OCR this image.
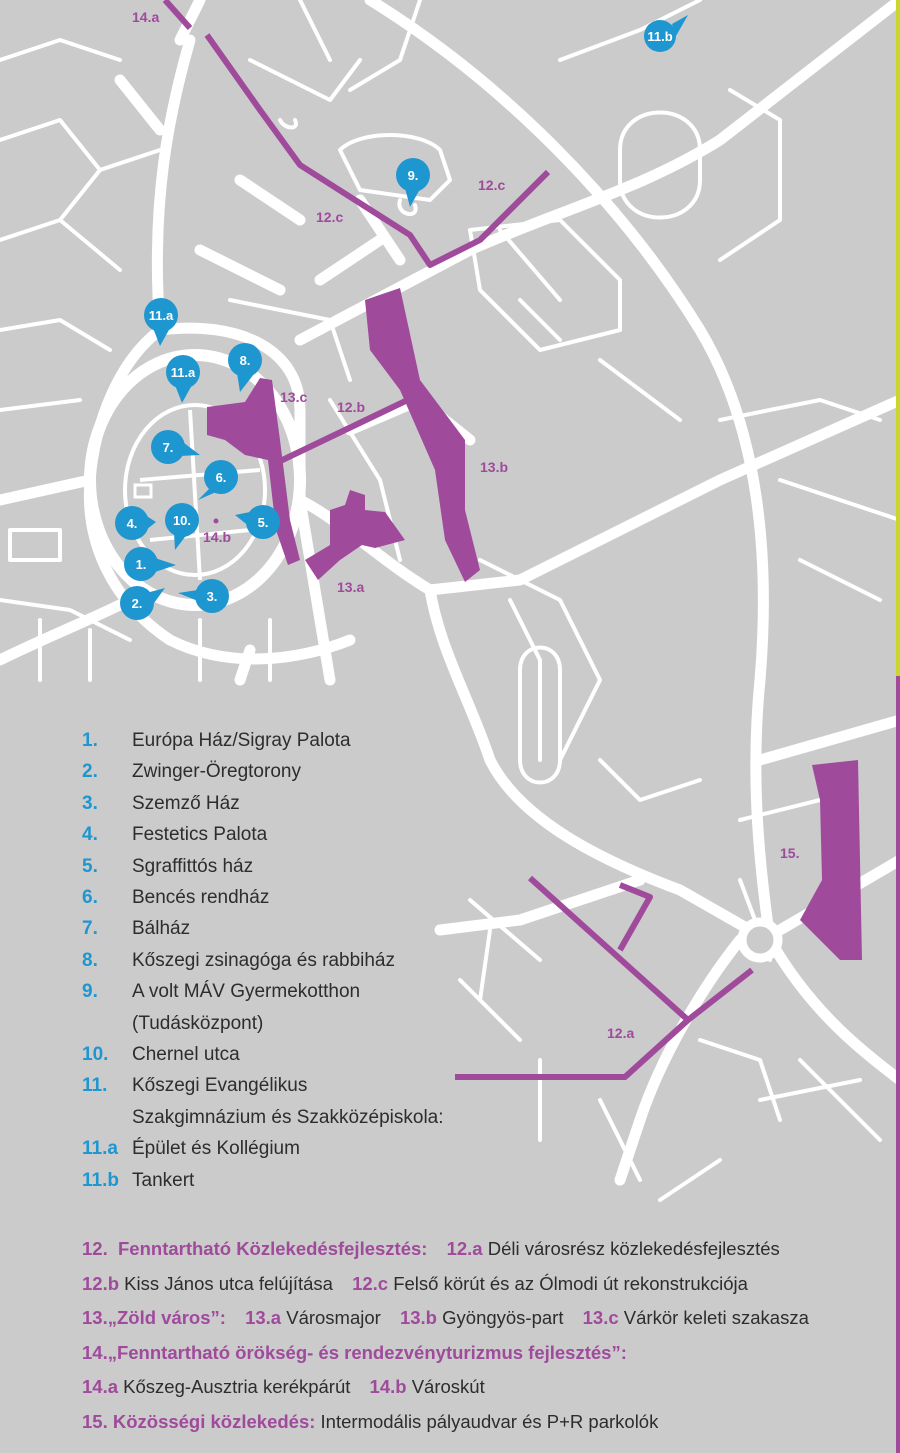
14.a
12.c
12.c
13.c
12.b
13.b
14.b
13.a
15.
12.a
11.b
9.
11.a
11.a
8.
7.
6.
5.
10.
4.
1.
2.	3.
1.	Európa Ház/Sigray Palota
2.	Zwinger-Öregtorony
3.	Szemző Ház
4.	Festetics Palota
5.	Sgraffittós ház
6.	Bencés rendház
7.	Bálház
8.	Kőszegi zsinagóga és rabbiház
9.	A volt MÁV Gyermekotthon
(Tudásközpont)
10.	Chernel utca
11.	Kőszegi Evangélikus
Szakgimnázium és Szakközépiskola:
11.a Épület és Kollégium
11.b Tankert
12. Fenntartható Közlekedésfejlesztés: 12.a Déli városrész közlekedésfejlesztés
12.b Kiss János utca felújítása 12.c Felső körút és az Ólmodi út rekonstrukciója
13.„Zöld város”: 13.a Városmajor 13.b Gyöngyös-part 13.c Várkör keleti szakasza
14.„Fenntartható örökség- és rendezvényturizmus fejlesztés”:
14.a Kőszeg-Ausztria kerékpárút 14.b Városkút
15. Közösségi közlekedés: Intermodális pályaudvar és P+R parkolók
